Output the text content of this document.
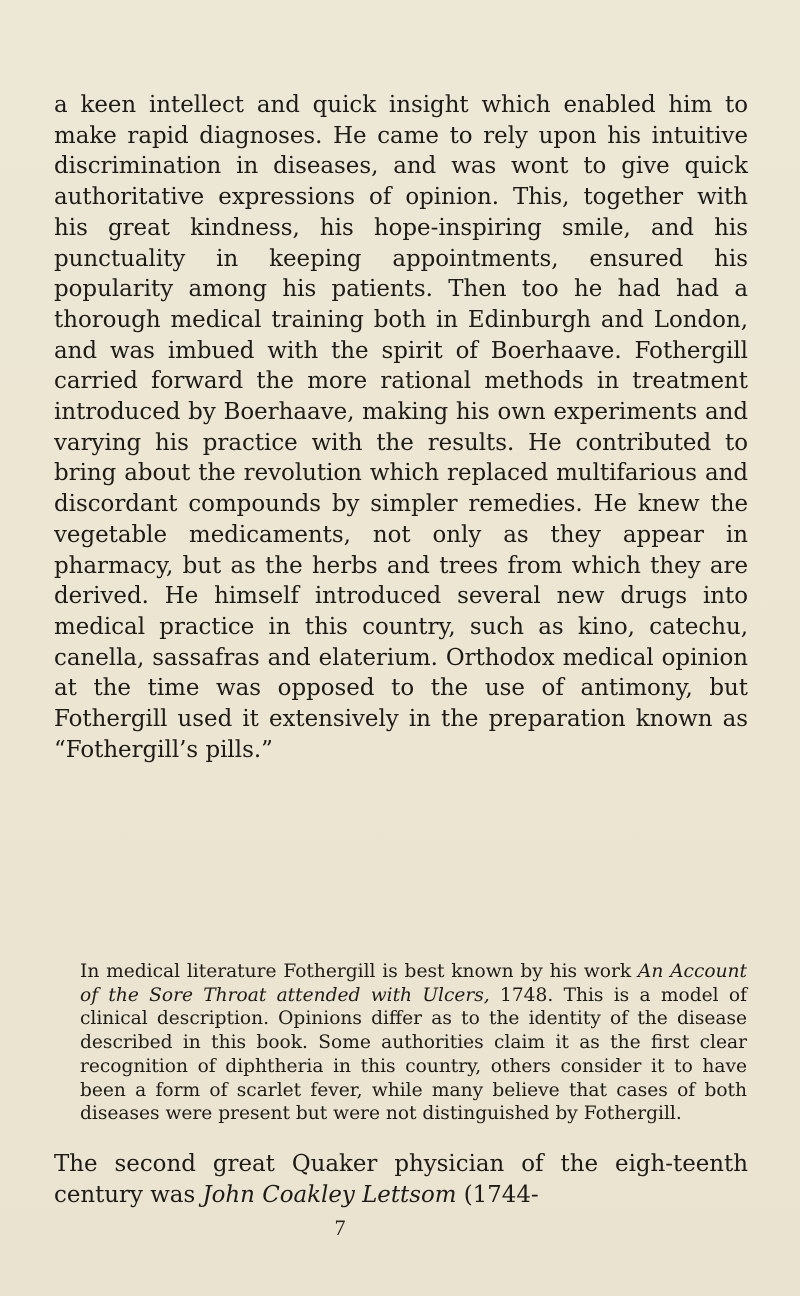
a keen intellect and quick insight which enabled him to make rapid diagnoses. He came to rely upon his intuitive discrimination in diseases, and was wont to give quick authoritative expressions of opinion. This, together with his great kindness, his hope-inspiring smile, and his punctuality in keeping appointments, ensured his popularity among his patients. Then too he had had a thorough medical training both in Edinburgh and London, and was imbued with the spirit of Boerhaave. Fothergill carried forward the more rational methods in treatment introduced by Boerhaave, making his own experiments and varying his practice with the results. He contributed to bring about the revolution which replaced multifarious and discordant compounds by simpler remedies. He knew the vegetable medicaments, not only as they appear in pharmacy, but as the herbs and trees from which they are derived. He himself introduced several new drugs into medical practice in this country, such as kino, catechu, canella, sassafras and elaterium. Orthodox medical opinion at the time was opposed to the use of antimony, but Fothergill used it extensively in the preparation known as “Fothergill’s pills.”

In medical literature Fothergill is best known by his work An Account of the Sore Throat attended with Ulcers, 1748. This is a model of clinical description. Opinions differ as to the identity of the disease described in this book. Some authorities claim it as the first clear recognition of diphtheria in this country, others consider it to have been a form of scarlet fever, while many believe that cases of both diseases were present but were not distinguished by Fothergill.

The second great Quaker physician of the eigh-teenth century was John Coakley Lettsom (1744-

7
